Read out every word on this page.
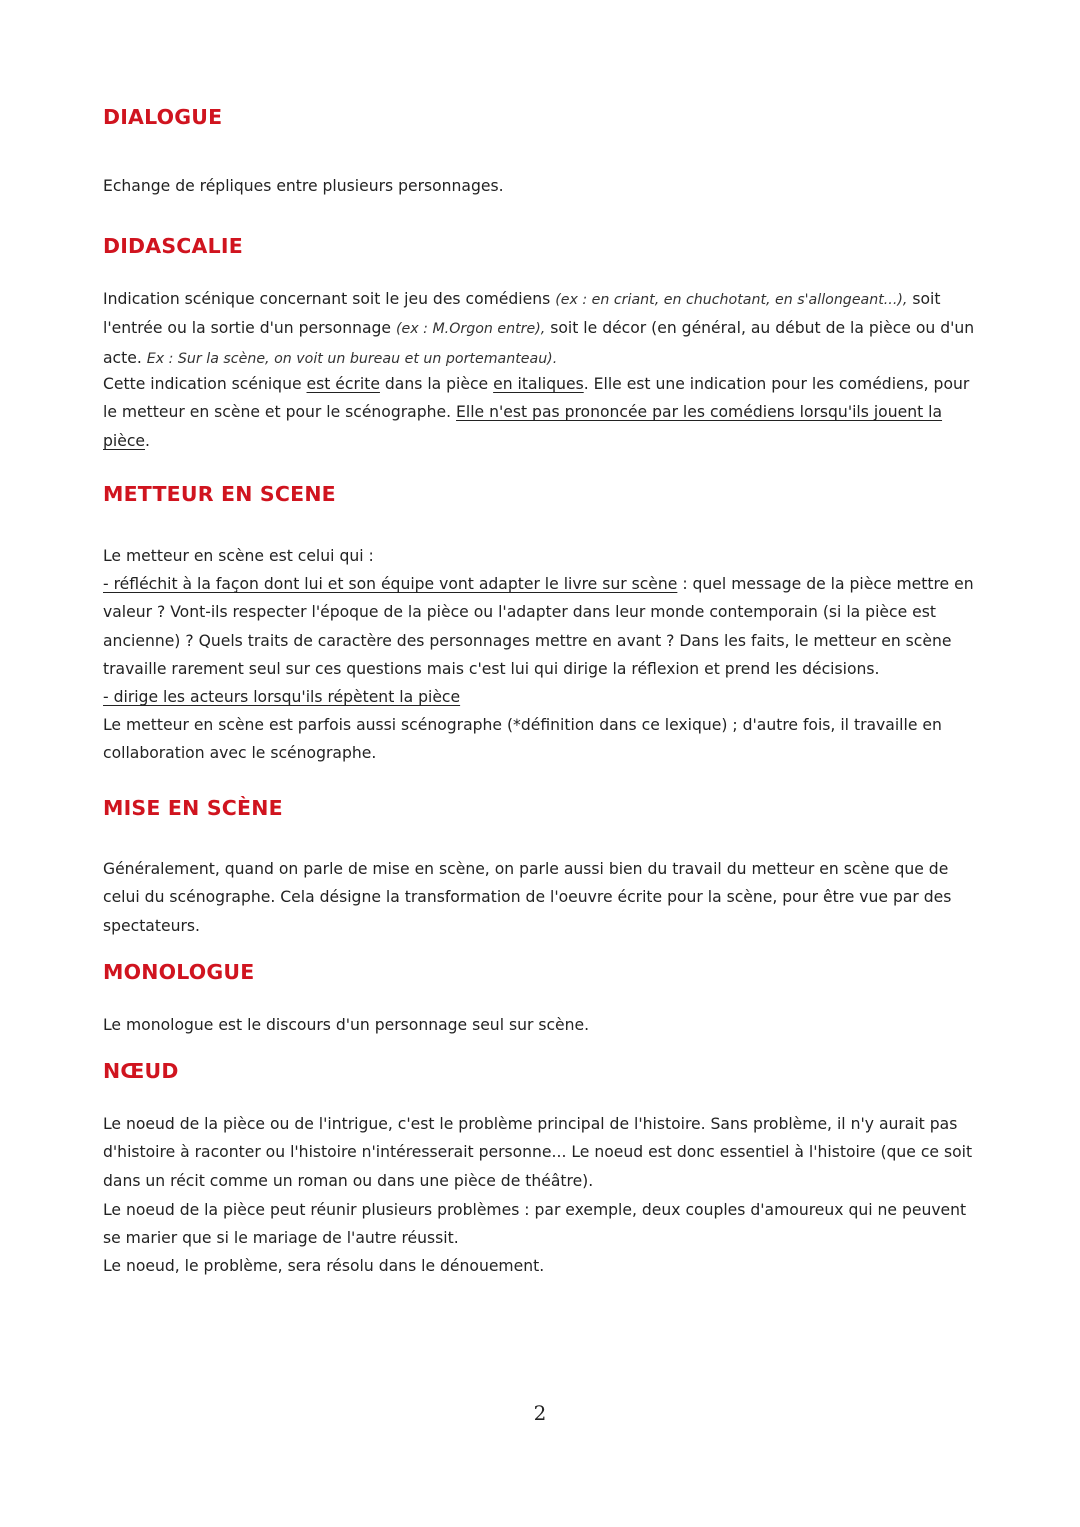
DIALOGUE

Echange de répliques entre plusieurs personnages.

DIDASCALIE

Indication scénique concernant soit le jeu des comédiens (ex : en criant, en chuchotant, en s'allongeant...), soit l'entrée ou la sortie d'un personnage (ex : M.Orgon entre), soit le décor (en général, au début de la pièce ou d'un acte. Ex : Sur la scène, on voit un bureau et un portemanteau).

Cette indication scénique est écrite dans la pièce en italiques. Elle est une indication pour les comédiens, pour le metteur en scène et pour le scénographe. Elle n'est pas prononcée par les comédiens lorsqu'ils jouent la pièce.

METTEUR EN SCENE

Le metteur en scène est celui qui :

- réfléchit à la façon dont lui et son équipe vont adapter le livre sur scène : quel message de la pièce mettre en valeur ? Vont-ils respecter l'époque de la pièce ou l'adapter dans leur monde contemporain (si la pièce est ancienne) ? Quels traits de caractère des personnages mettre en avant ? Dans les faits, le metteur en scène travaille rarement seul sur ces questions mais c'est lui qui dirige la réflexion et prend les décisions.

- dirige les acteurs lorsqu'ils répètent la pièce

Le metteur en scène est parfois aussi scénographe (*définition dans ce lexique) ; d'autre fois, il travaille en collaboration avec le scénographe.

MISE EN SCÈNE

Généralement, quand on parle de mise en scène, on parle aussi bien du travail du metteur en scène que de celui du scénographe. Cela désigne la transformation de l'oeuvre écrite pour la scène, pour être vue par des spectateurs.

MONOLOGUE

Le monologue est le discours d'un personnage seul sur scène.

NŒUD

Le noeud de la pièce ou de l'intrigue, c'est le problème principal de l'histoire. Sans problème, il n'y aurait pas d'histoire à raconter ou l'histoire n'intéresserait personne... Le noeud est donc essentiel à l'histoire (que ce soit dans un récit comme un roman ou dans une pièce de théâtre).

Le noeud de la pièce peut réunir plusieurs problèmes : par exemple, deux couples d'amoureux qui ne peuvent se marier que si le mariage de l'autre réussit.

Le noeud, le problème, sera résolu dans le dénouement.

2
